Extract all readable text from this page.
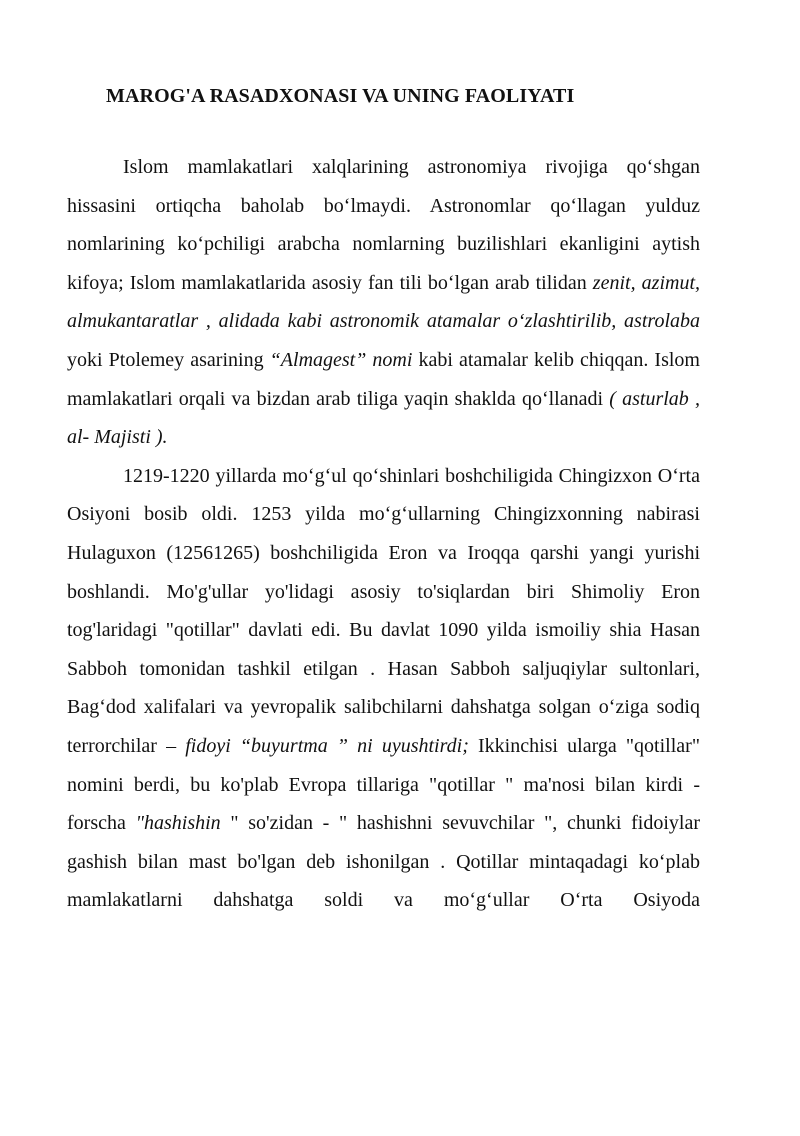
MAROG'A RASADXONASI VA UNING FAOLIYATI

Islom mamlakatlari xalqlarining astronomiya rivojiga qo‘shgan hissasini ortiqcha baholab bo‘lmaydi. Astronomlar qo‘llagan yulduz nomlarining ko‘pchiligi arabcha nomlarning buzilishlari ekanligini aytish kifoya; Islom mamlakatlarida asosiy fan tili bo‘lgan arab tilidan zenit, azimut, almukantaratlar , alidada kabi astronomik atamalar o‘zlashtirilib, astrolaba yoki Ptolemey asarining “Almagest” nomi kabi atamalar kelib chiqqan. Islom mamlakatlari orqali va bizdan arab tiliga yaqin shaklda qo‘llanadi ( asturlab , al- Majisti ).

1219-1220 yillarda mo‘g‘ul qo‘shinlari boshchiligida Chingizxon O‘rta Osiyoni bosib oldi. 1253 yilda mo‘g‘ullarning Chingizxonning nabirasi Hulaguxon (12561265) boshchiligida Eron va Iroqqa qarshi yangi yurishi boshlandi. Mo'g'ullar yo'lidagi asosiy to'siqlardan biri Shimoliy Eron tog'laridagi "qotillar" davlati edi. Bu davlat 1090 yilda ismoiliy shia Hasan Sabboh tomonidan tashkil etilgan . Hasan Sabboh saljuqiylar sultonlari, Bag‘dod xalifalari va yevropalik salibchilarni dahshatga solgan o‘ziga sodiq terrorchilar – fidoyi “buyurtma ” ni uyushtirdi; Ikkinchisi ularga "qotillar" nomini berdi, bu ko'plab Evropa tillariga "qotillar " ma'nosi bilan kirdi - forscha "hashishin " so'zidan - " hashishni sevuvchilar ", chunki fidoiylar gashish bilan mast bo'lgan deb ishonilgan . Qotillar mintaqadagi ko‘plab mamlakatlarni dahshatga soldi va mo‘g‘ullar O‘rta Osiyoda
